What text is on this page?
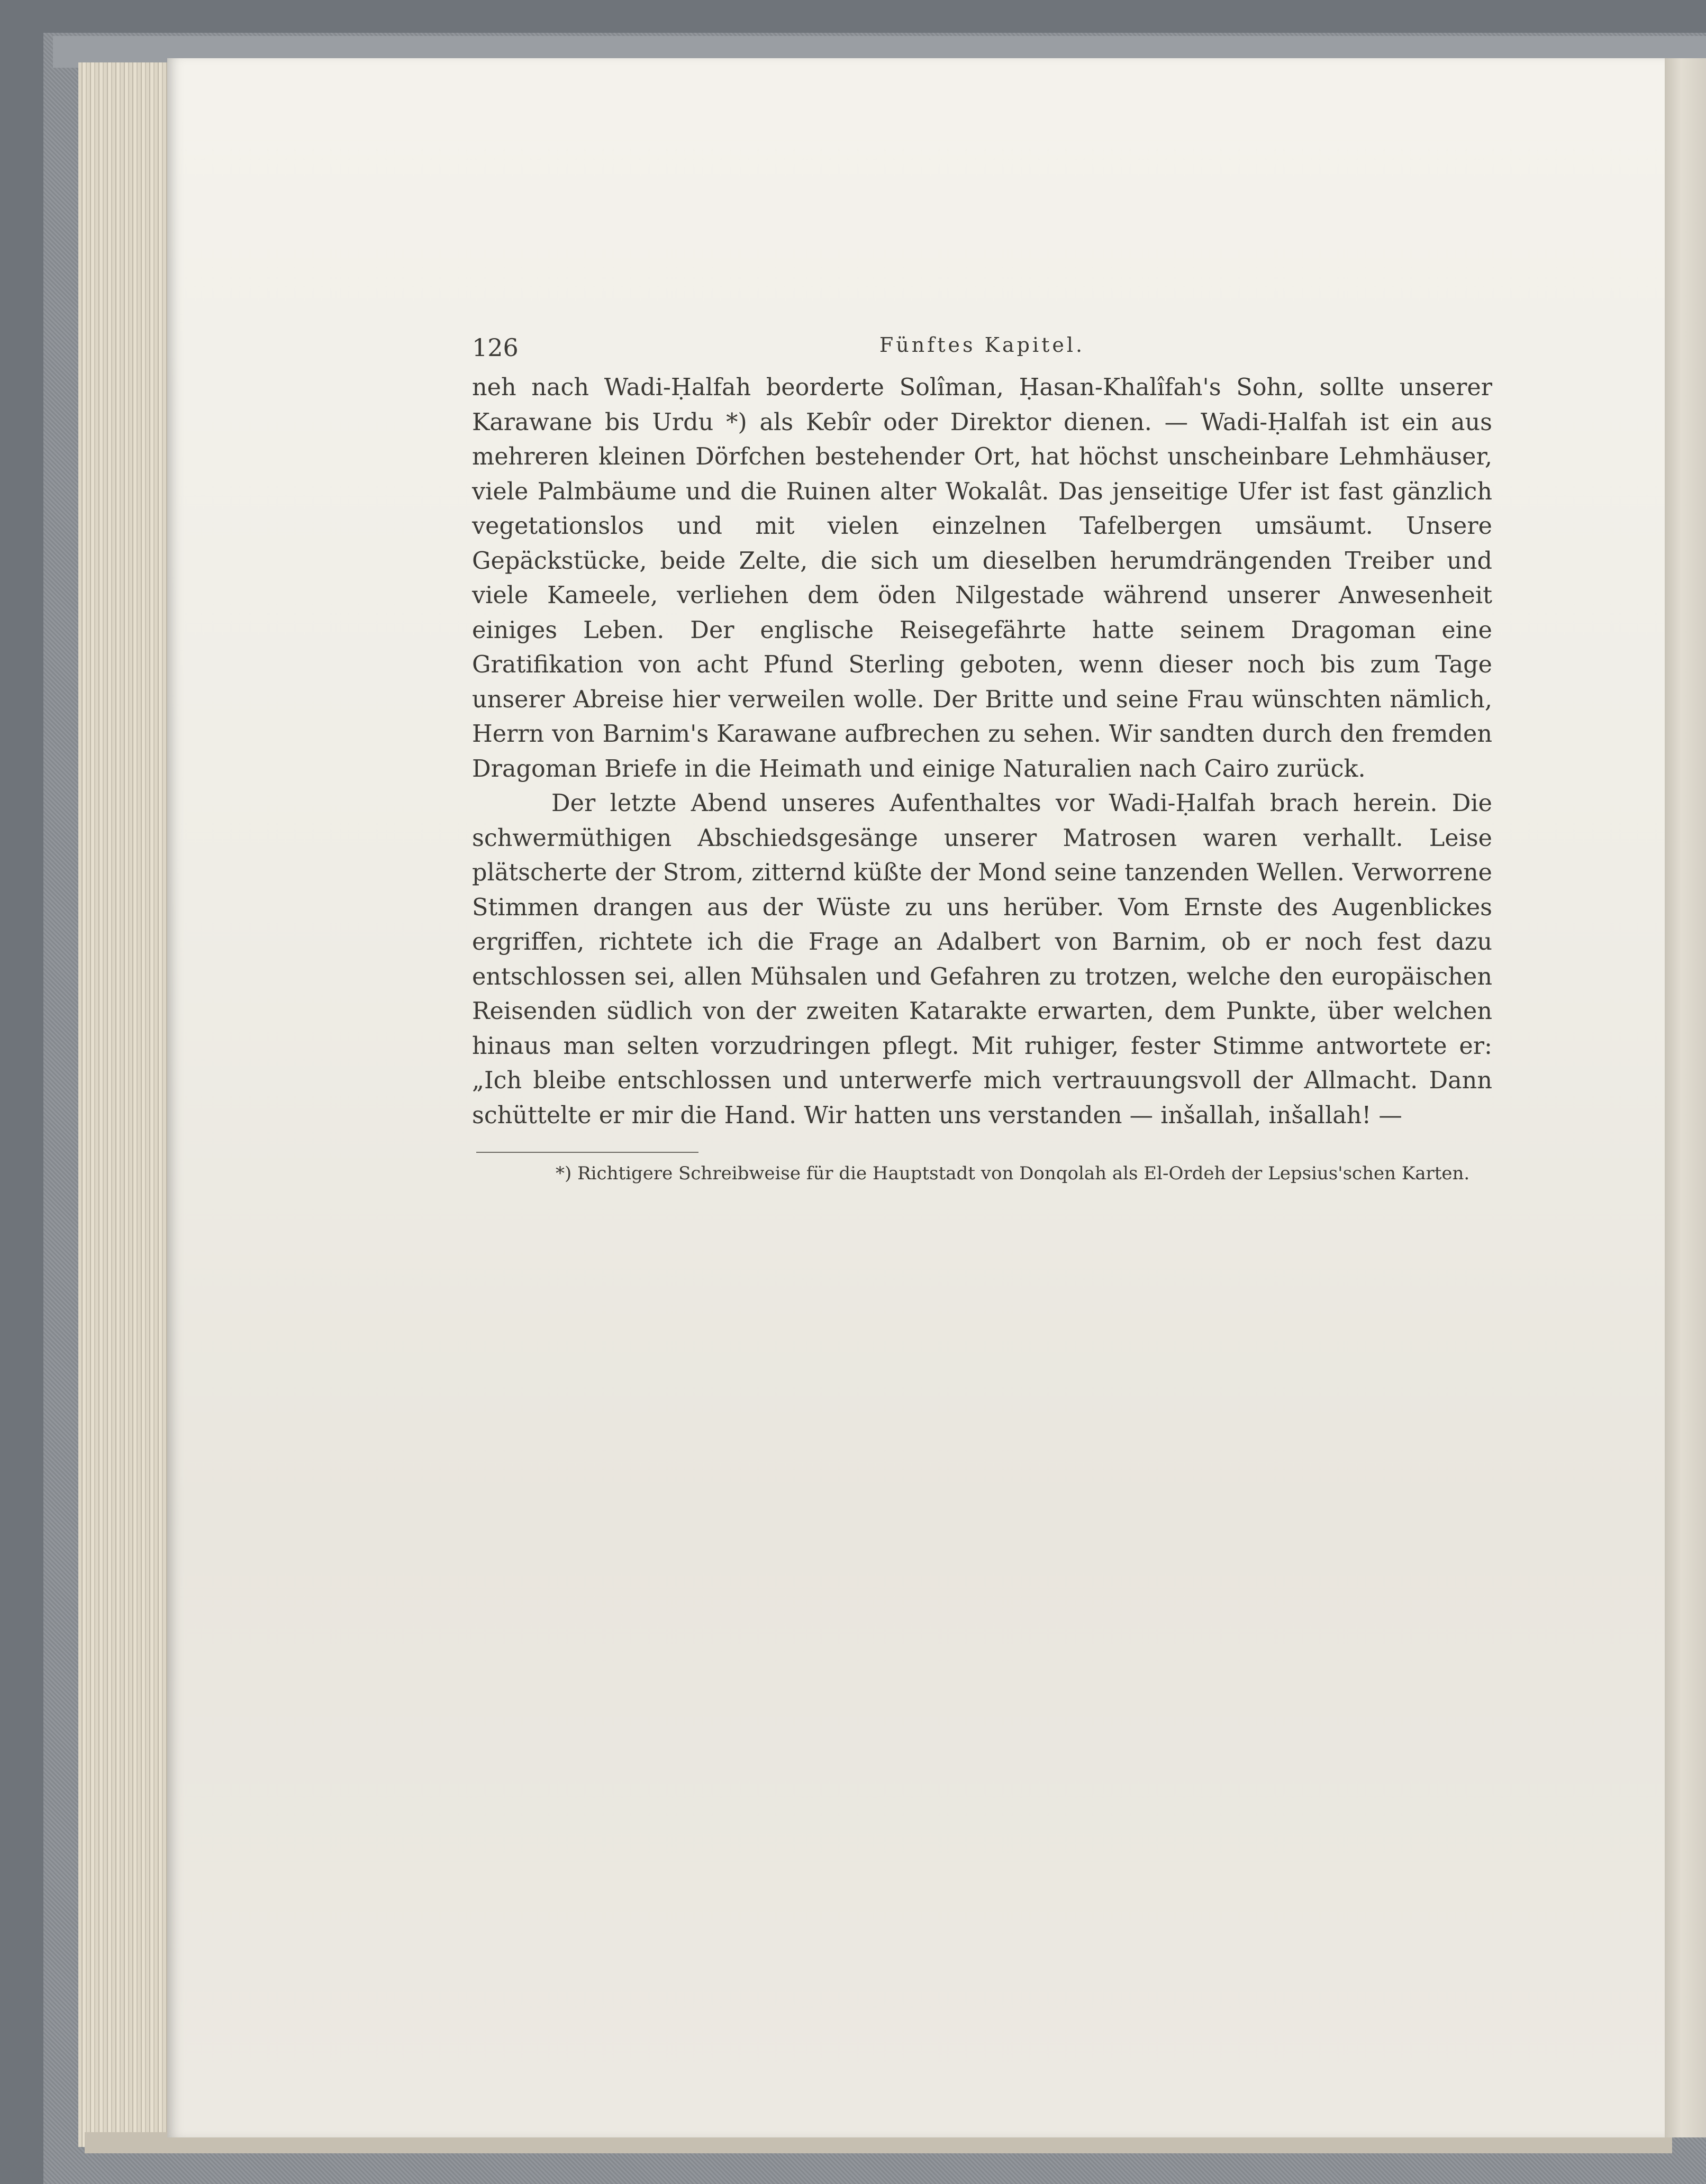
126	Fünftes Kapitel.

neh nach Wadi-Ḥalfah beorderte Solîman, Ḥasan-Khalîfah's Sohn, sollte unserer Karawane bis Urdu *) als Kebîr oder Direktor dienen. — Wadi-Ḥalfah ist ein aus mehreren kleinen Dörfchen bestehender Ort, hat höchst unscheinbare Lehmhäuser, viele Palmbäume und die Ruinen alter Wokalât. Das jenseitige Ufer ist fast gänzlich vegetationslos und mit vielen einzelnen Tafelbergen umsäumt. Unsere Gepäckstücke, beide Zelte, die sich um dieselben herumdrängenden Treiber und viele Kameele, verliehen dem öden Nilgestade während unserer Anwesenheit einiges Leben. Der englische Reisegefährte hatte seinem Dragoman eine Gratifikation von acht Pfund Sterling geboten, wenn dieser noch bis zum Tage unserer Abreise hier verweilen wolle. Der Britte und seine Frau wünschten nämlich, Herrn von Barnim's Karawane aufbrechen zu sehen. Wir sandten durch den fremden Dragoman Briefe in die Heimath und einige Naturalien nach Cairo zurück.

Der letzte Abend unseres Aufenthaltes vor Wadi-Ḥalfah brach herein. Die schwermüthigen Abschiedsgesänge unserer Matrosen waren verhallt. Leise plätscherte der Strom, zitternd küßte der Mond seine tanzenden Wellen. Verworrene Stimmen drangen aus der Wüste zu uns herüber. Vom Ernste des Augenblickes ergriffen, richtete ich die Frage an Adalbert von Barnim, ob er noch fest dazu entschlossen sei, allen Mühsalen und Gefahren zu trotzen, welche den europäischen Reisenden südlich von der zweiten Katarakte erwarten, dem Punkte, über welchen hinaus man selten vorzudringen pflegt. Mit ruhiger, fester Stimme antwortete er: „Ich bleibe entschlossen und unterwerfe mich vertrauungsvoll der Allmacht. Dann schüttelte er mir die Hand. Wir hatten uns verstanden — inšallah, inšallah! —

*) Richtigere Schreibweise für die Hauptstadt von Donqolah als El-Ordeh der Lepsius'schen Karten.
